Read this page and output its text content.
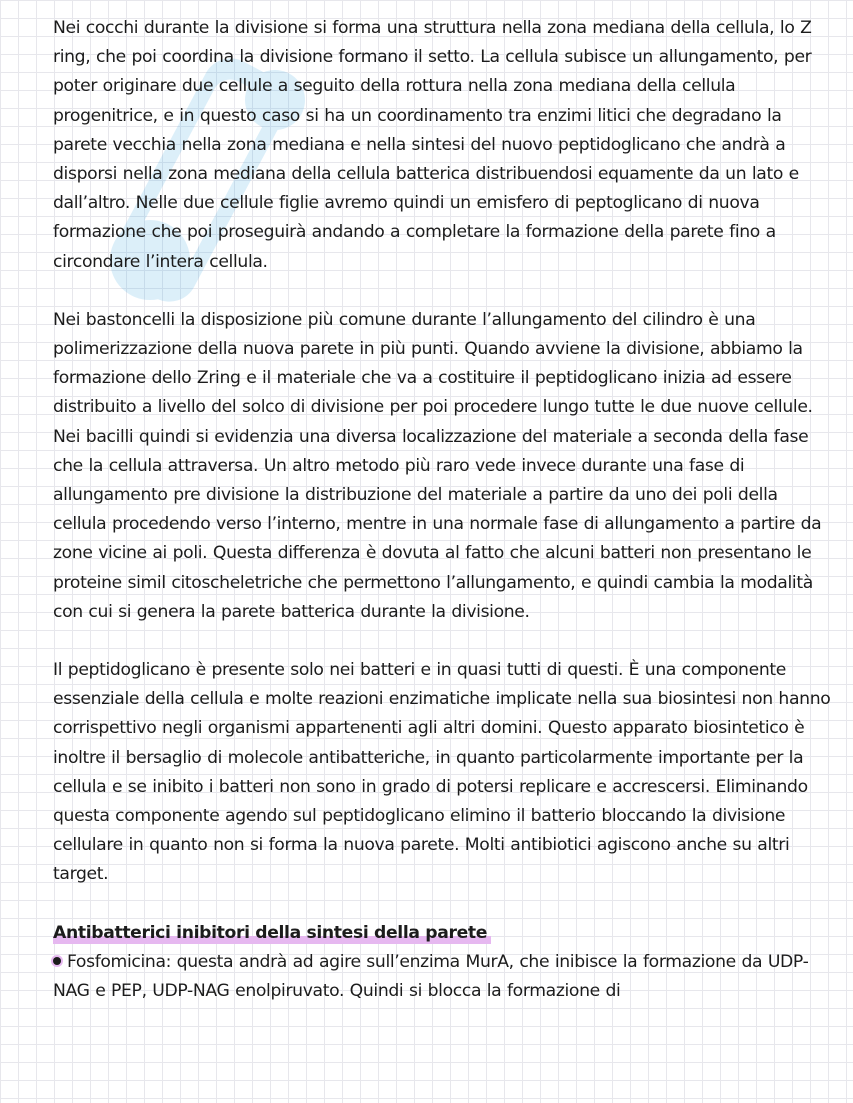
Nei cocchi durante la divisione si forma una struttura nella zona mediana della cellula, lo Z ring, che poi coordina la divisione formano il setto. La cellula subisce un allungamento, per poter originare due cellule a seguito della rottura nella zona mediana della cellula progenitrice, e in questo caso si ha un coordinamento tra enzimi litici che degradano la parete vecchia nella zona mediana e nella sintesi del nuovo peptidoglicano che andrà a disporsi nella zona mediana della cellula batterica distribuendosi equamente da un lato e dall’altro. Nelle due cellule figlie avremo quindi un emisfero di peptoglicano di nuova formazione che poi proseguirà andando a completare la formazione della parete fino a circondare l’intera cellula.

Nei bastoncelli la disposizione più comune durante l’allungamento del cilindro è una polimerizzazione della nuova parete in più punti. Quando avviene la divisione, abbiamo la formazione dello Zring e il materiale che va a costituire il peptidoglicano inizia ad essere distribuito a livello del solco di divisione per poi procedere lungo tutte le due nuove cellule. Nei bacilli quindi si evidenzia una diversa localizzazione del materiale a seconda della fase che la cellula attraversa. Un altro metodo più raro vede invece durante una fase di allungamento pre divisione la distribuzione del materiale a partire da uno dei poli della cellula procedendo verso l’interno, mentre in una normale fase di allungamento a partire da zone vicine ai poli. Questa differenza è dovuta al fatto che alcuni batteri non presentano le proteine simil citoscheletriche che permettono l’allungamento, e quindi cambia la modalità con cui si genera la parete batterica durante la divisione.

Il peptidoglicano è presente solo nei batteri e in quasi tutti di questi. È una componente essenziale della cellula e molte reazioni enzimatiche implicate nella sua biosintesi non hanno corrispettivo negli organismi appartenenti agli altri domini. Questo apparato biosintetico è inoltre il bersaglio di molecole antibatteriche, in quanto particolarmente importante per la cellula e se inibito i batteri non sono in grado di potersi replicare e accrescersi. Eliminando questa componente agendo sul peptidoglicano elimino il batterio bloccando la divisione cellulare in quanto non si forma la nuova parete. Molti antibiotici agiscono anche su altri target.

Antibatterici inibitori della sintesi della parete

Fosfomicina: questa andrà ad agire sull’enzima MurA, che inibisce la formazione da UDP-NAG e PEP, UDP-NAG enolpiruvato. Quindi si blocca la formazione di
